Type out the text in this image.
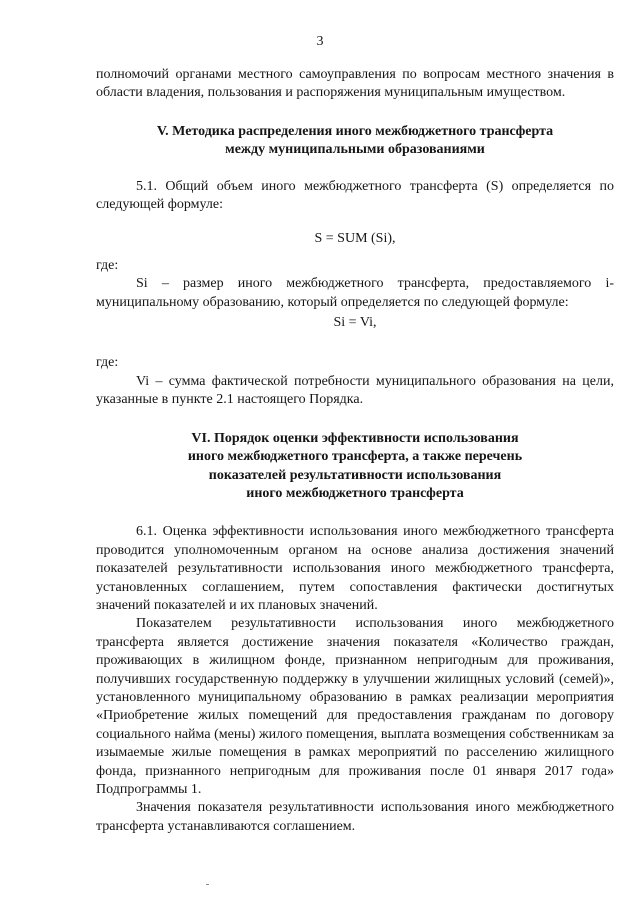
3

полномочий органами местного самоуправления по вопросам местного значения в области владения, пользования и распоряжения муниципальным имуществом.

V. Методика распределения иного межбюджетного трансферта

между муниципальными образованиями

5.1. Общий объем иного межбюджетного трансферта (S) определяется по следующей формуле:

S = SUM (Si),

где:

Si – размер иного межбюджетного трансферта, предоставляемого i-муниципальному образованию, который определяется по следующей формуле:

Si = Vi,

где:

Vi – сумма фактической потребности муниципального образования на цели, указанные в пункте 2.1 настоящего Порядка.

VI. Порядок оценки эффективности использования

иного межбюджетного трансферта, а также перечень

показателей результативности использования

иного межбюджетного трансферта

6.1. Оценка эффективности использования иного межбюджетного трансферта проводится уполномоченным органом на основе анализа достижения значений показателей результативности использования иного межбюджетного трансферта, установленных соглашением, путем сопоставления фактически достигнутых значений показателей и их плановых значений.

Показателем результативности использования иного межбюджетного трансферта является достижение значения показателя «Количество граждан, проживающих в жилищном фонде, признанном непригодным для проживания, получивших государственную поддержку в улучшении жилищных условий (семей)», установленного муниципальному образованию в рамках реализации мероприятия «Приобретение жилых помещений для предоставления гражданам по договору социального найма (мены) жилого помещения, выплата возмещения собственникам за изымаемые жилые помещения в рамках мероприятий по расселению жилищного фонда, признанного непригодным для проживания после 01 января 2017 года» Подпрограммы 1.

Значения показателя результативности использования иного межбюджетного трансферта устанавливаются соглашением.
